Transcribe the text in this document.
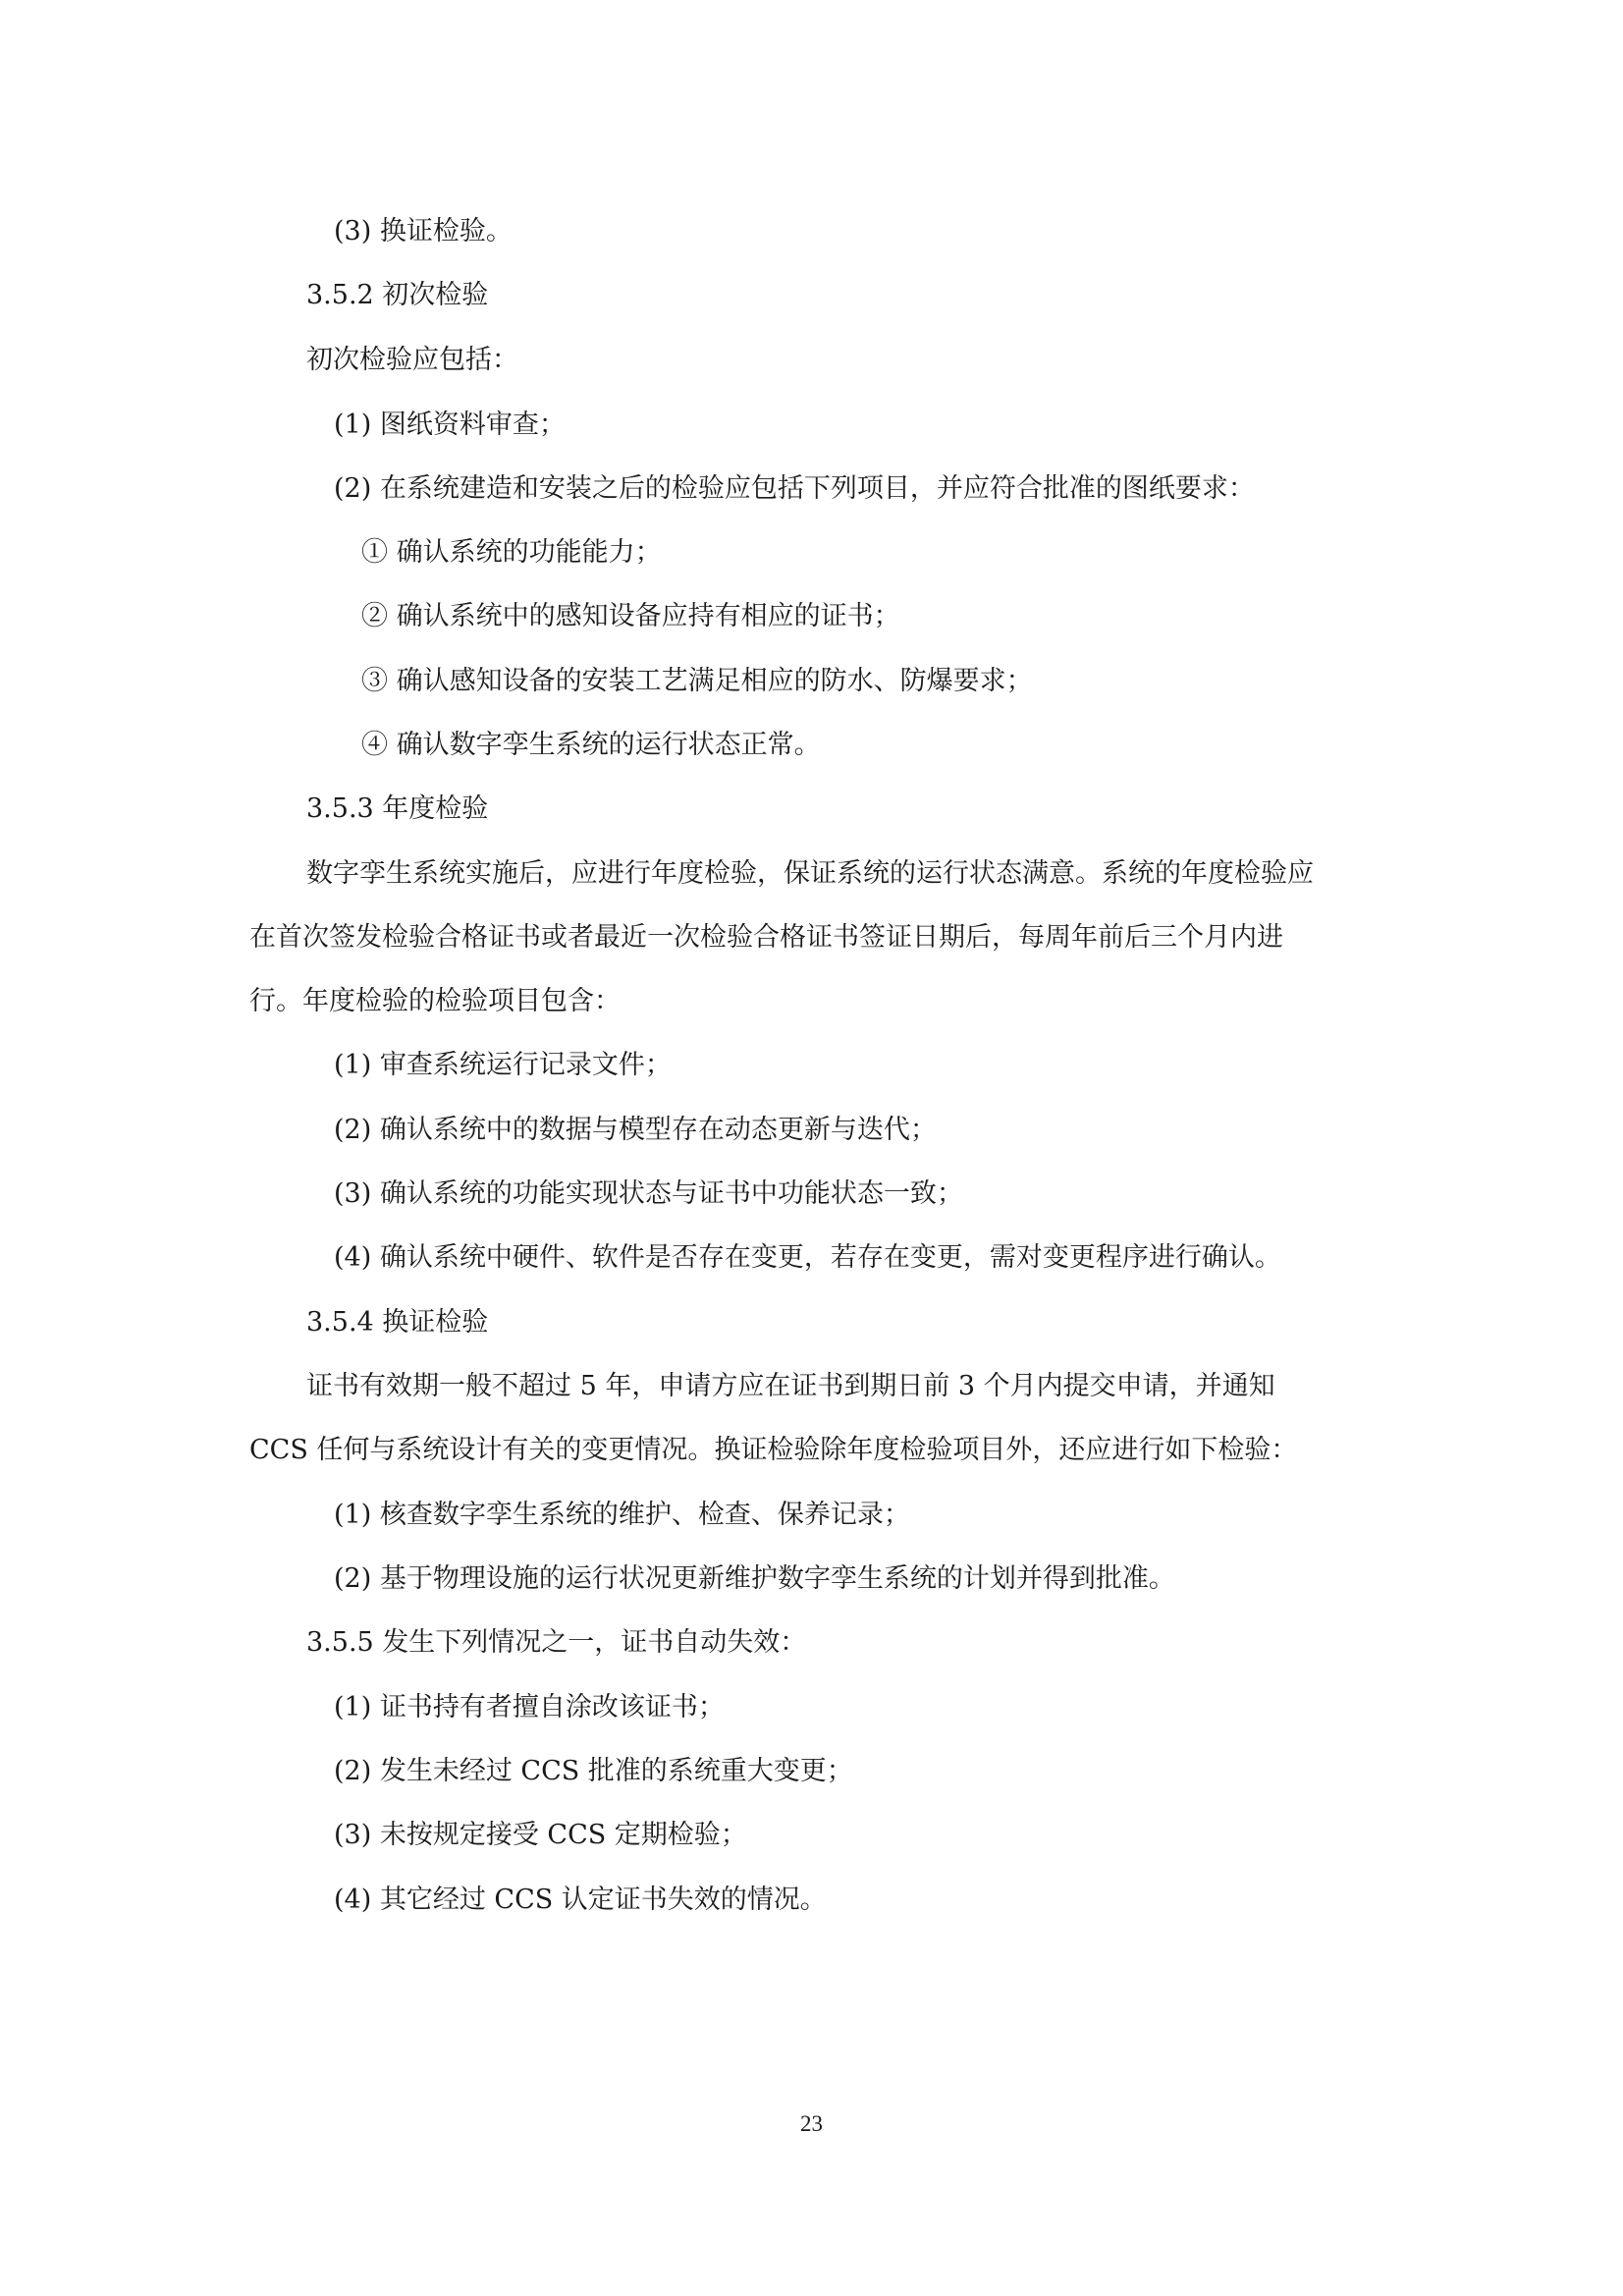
(3) 换证检验。
3.5.2 初次检验
初次检验应包括：
(1) 图纸资料审查；
(2) 在系统建造和安装之后的检验应包括下列项目，并应符合批准的图纸要求：
① 确认系统的功能能力；
② 确认系统中的感知设备应持有相应的证书；
③ 确认感知设备的安装工艺满足相应的防水、防爆要求；
④ 确认数字孪生系统的运行状态正常。
3.5.3 年度检验
数字孪生系统实施后，应进行年度检验，保证系统的运行状态满意。系统的年度检验应
在首次签发检验合格证书或者最近一次检验合格证书签证日期后，每周年前后三个月内进
行。年度检验的检验项目包含：
(1) 审查系统运行记录文件；
(2) 确认系统中的数据与模型存在动态更新与迭代；
(3) 确认系统的功能实现状态与证书中功能状态一致；
(4) 确认系统中硬件、软件是否存在变更，若存在变更，需对变更程序进行确认。
3.5.4 换证检验
证书有效期一般不超过 5 年，申请方应在证书到期日前 3 个月内提交申请，并通知
CCS 任何与系统设计有关的变更情况。换证检验除年度检验项目外，还应进行如下检验：
(1) 核查数字孪生系统的维护、检查、保养记录；
(2) 基于物理设施的运行状况更新维护数字孪生系统的计划并得到批准。
3.5.5 发生下列情况之一，证书自动失效：
(1) 证书持有者擅自涂改该证书；
(2) 发生未经过 CCS 批准的系统重大变更；
(3) 未按规定接受 CCS 定期检验；
(4) 其它经过 CCS 认定证书失效的情况。
23
